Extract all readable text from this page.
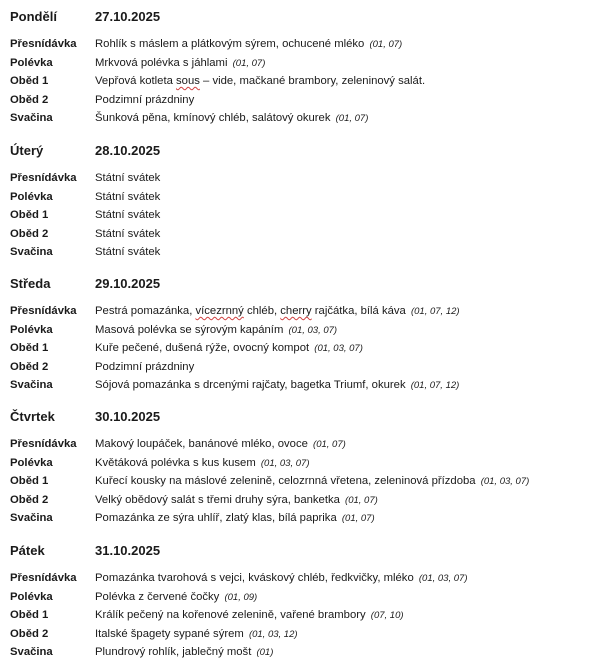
Pondělí	27.10.2025
Přesnídávka Rohlík s máslem a plátkovým sýrem, ochucené mléko (01, 07)
Polévka	Mrkvová polévka s jáhlami (01, 07)
Oběd 1	Vepřová kotleta sous – vide, mačkané brambory, zeleninový salát.
Oběd 2	Podzimní prázdniny
Svačina	Šunková pěna, kmínový chléb, salátový okurek (01, 07)
Úterý	28.10.2025
Přesnídávka Státní svátek
Polévka	Státní svátek
Oběd 1	Státní svátek
Oběd 2	Státní svátek
Svačina	Státní svátek
Středa	29.10.2025
Přesnídávka Pestrá pomazánka, vícezrnný chléb, cherry rajčátka, bílá káva (01, 07, 12)
Polévka	Masová polévka se sýrovým kapáním (01, 03, 07)
Oběd 1	Kuře pečené, dušená rýže, ovocný kompot (01, 03, 07)
Oběd 2	Podzimní prázdniny
Svačina	Sójová pomazánka s drcenými rajčaty, bagetka Triumf, okurek (01, 07, 12)
Čtvrtek	30.10.2025
Přesnídávka Makový loupáček, banánové mléko, ovoce (01, 07)
Polévka	Květáková polévka s kus kusem (01, 03, 07)
Oběd 1	Kuřecí kousky na máslové zelenině, celozrnná vřetena, zeleninová přízdoba (01, 03, 07)
Oběd 2	Velký obědový salát s třemi druhy sýra, banketka (01, 07)
Svačina	Pomazánka ze sýra uhlíř, zlatý klas, bílá paprika (01, 07)
Pátek	31.10.2025
Přesnídávka Pomazánka tvarohová s vejci, kváskový chléb, ředkvičky, mléko (01, 03, 07)
Polévka	Polévka z červené čočky (01, 09)
Oběd 1	Králík pečený na kořenové zelenině, vařené brambory (07, 10)
Oběd 2	Italské špagety sypané sýrem (01, 03, 12)
Svačina	Plundrový rohlík, jablečný mošt (01)
